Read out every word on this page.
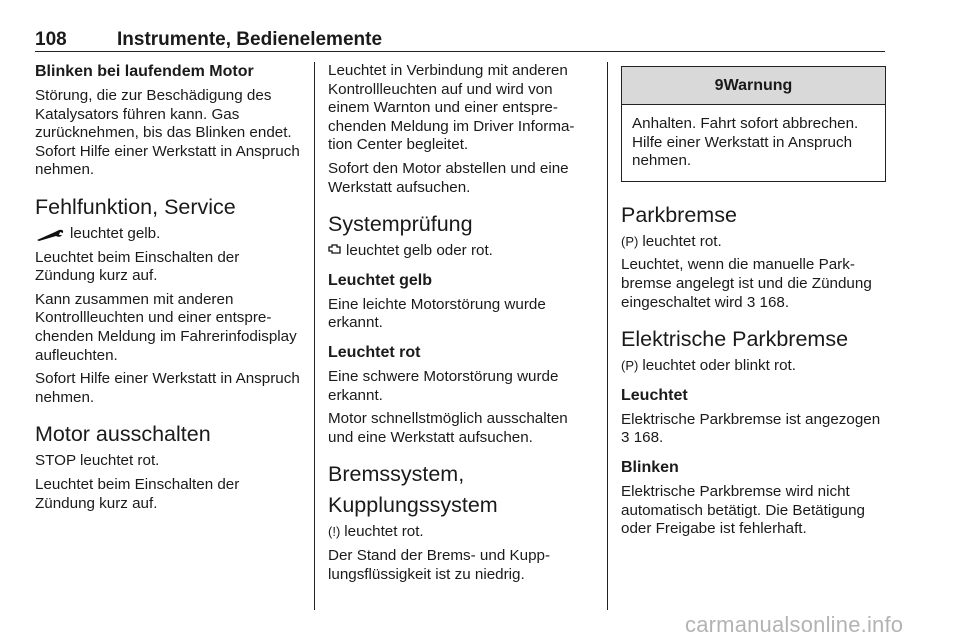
108	Instrumente, Bedienelemente
Blinken bei laufendem Motor

Störung, die zur Beschädigung des Katalysators führen kann. Gas zurücknehmen, bis das Blinken endet. Sofort Hilfe einer Werkstatt in Anspruch nehmen.

Fehlfunktion, Service

leuchtet gelb.

Leuchtet beim Einschalten der Zündung kurz auf.

Kann zusammen mit anderen Kontrollleuchten und einer entsprechenden Meldung im Fahrerinfodisplay aufleuchten.

Sofort Hilfe einer Werkstatt in Anspruch nehmen.

Motor ausschalten

STOP leuchtet rot.

Leuchtet beim Einschalten der Zündung kurz auf.

Leuchtet in Verbindung mit anderen Kontrollleuchten auf und wird von einem Warnton und einer entsprechenden Meldung im Driver Information Center begleitet.

Sofort den Motor abstellen und eine Werkstatt aufsuchen.

Systemprüfung

leuchtet gelb oder rot.

Leuchtet gelb

Eine leichte Motorstörung wurde erkannt.

Leuchtet rot

Eine schwere Motorstörung wurde erkannt.

Motor schnellstmöglich ausschalten und eine Werkstatt aufsuchen.

Bremssystem,
Kupplungssystem

(!) leuchtet rot.

Der Stand der Brems- und Kupplungsflüssigkeit ist zu niedrig.

9Warnung
Anhalten. Fahrt sofort abbrechen. Hilfe einer Werkstatt in Anspruch nehmen.
Parkbremse

(P) leuchtet rot.

Leuchtet, wenn die manuelle Parkbremse angelegt ist und die Zündung eingeschaltet wird 3 168.

Elektrische Parkbremse

(P) leuchtet oder blinkt rot.

Leuchtet

Elektrische Parkbremse ist angezogen 3 168.

Blinken

Elektrische Parkbremse wird nicht automatisch betätigt. Die Betätigung oder Freigabe ist fehlerhaft.

carmanualsonline.info
